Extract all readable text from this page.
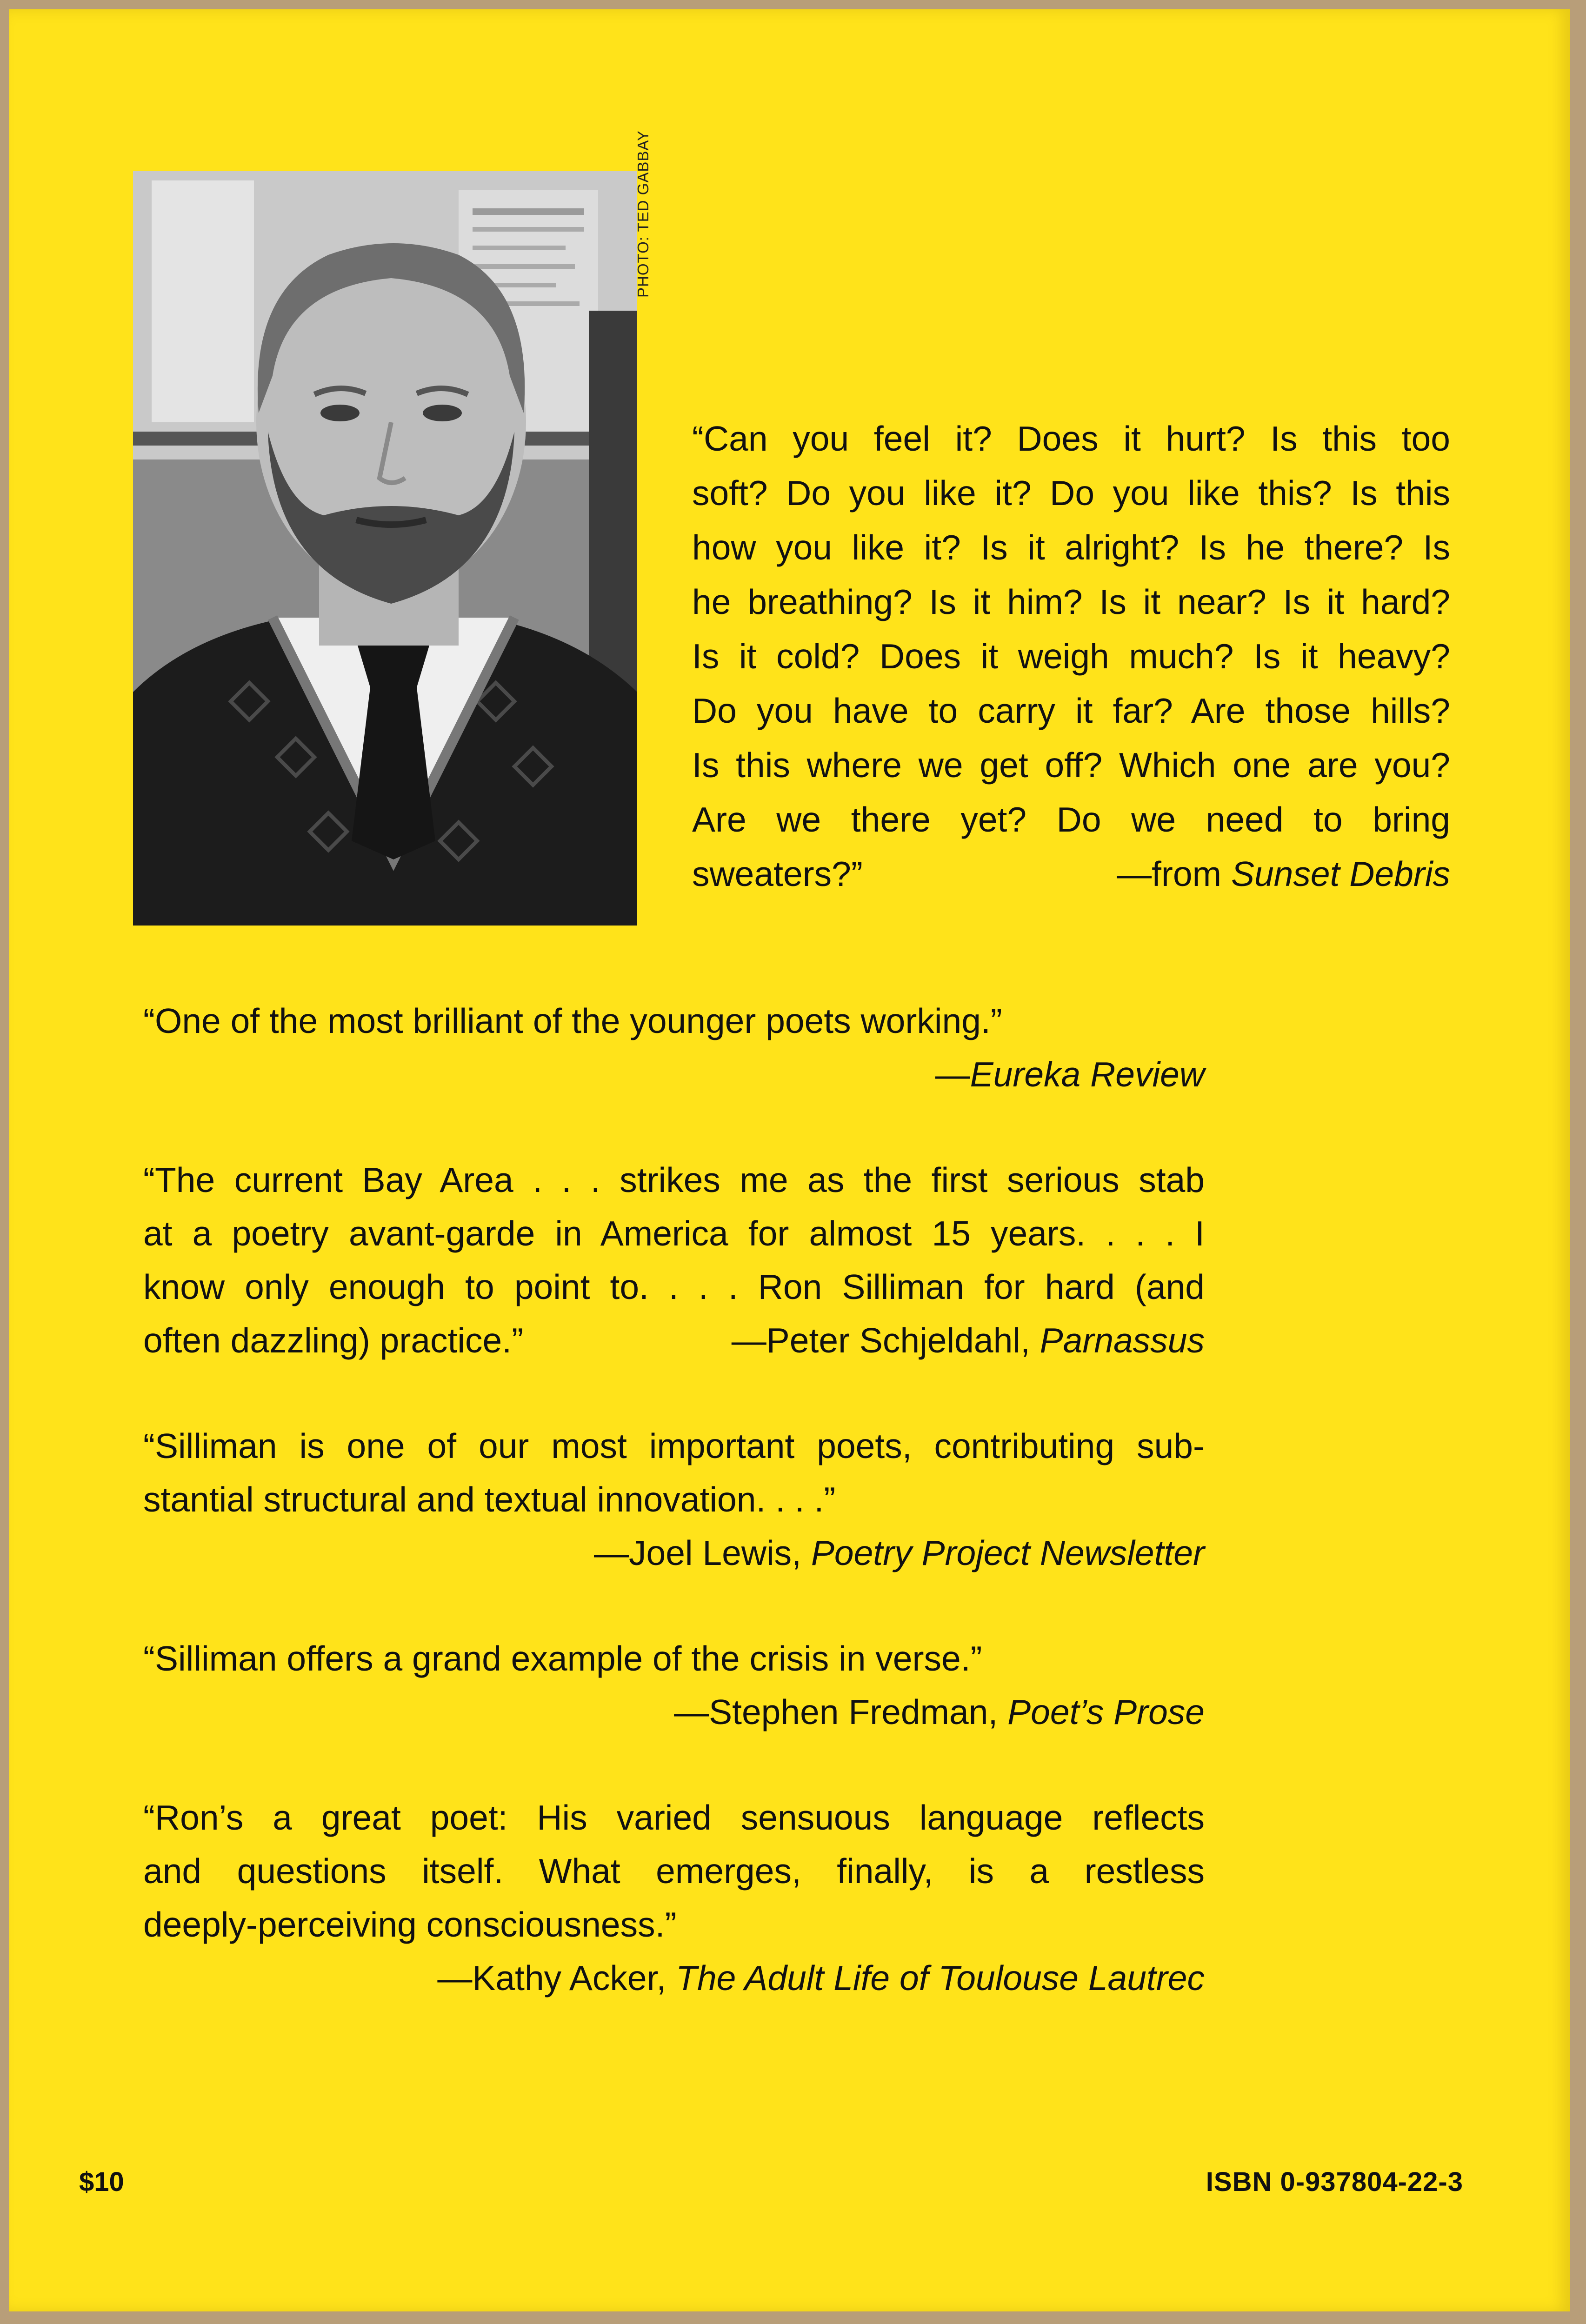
PHOTO: TED GABBAY
“Can you feel it? Does it hurt? Is this too
soft? Do you like it? Do you like this? Is this
how you like it? Is it alright? Is he there? Is
he breathing? Is it him? Is it near? Is it hard?
Is it cold? Does it weigh much? Is it heavy?
Do you have to carry it far? Are those hills?
Is this where we get off? Which one are you?
Are we there yet? Do we need to bring
sweaters?”	—from Sunset Debris
“One of the most brilliant of the younger poets working.”
—Eureka Review
“The current Bay Area . . . strikes me as the first serious stab
at a poetry avant-garde in America for almost 15 years. . . . I
know only enough to point to. . . . Ron Silliman for hard (and
often dazzling) practice.”	—Peter Schjeldahl, Parnassus
“Silliman is one of our most important poets, contributing sub-
stantial structural and textual innovation. . . .”
—Joel Lewis, Poetry Project Newsletter
“Silliman offers a grand example of the crisis in verse.”
—Stephen Fredman, Poet’s Prose
“Ron’s a great poet: His varied sensuous language reflects
and questions itself. What emerges, finally, is a restless
deeply-perceiving consciousness.”
—Kathy Acker, The Adult Life of Toulouse Lautrec
$10	ISBN 0-937804-22-3
